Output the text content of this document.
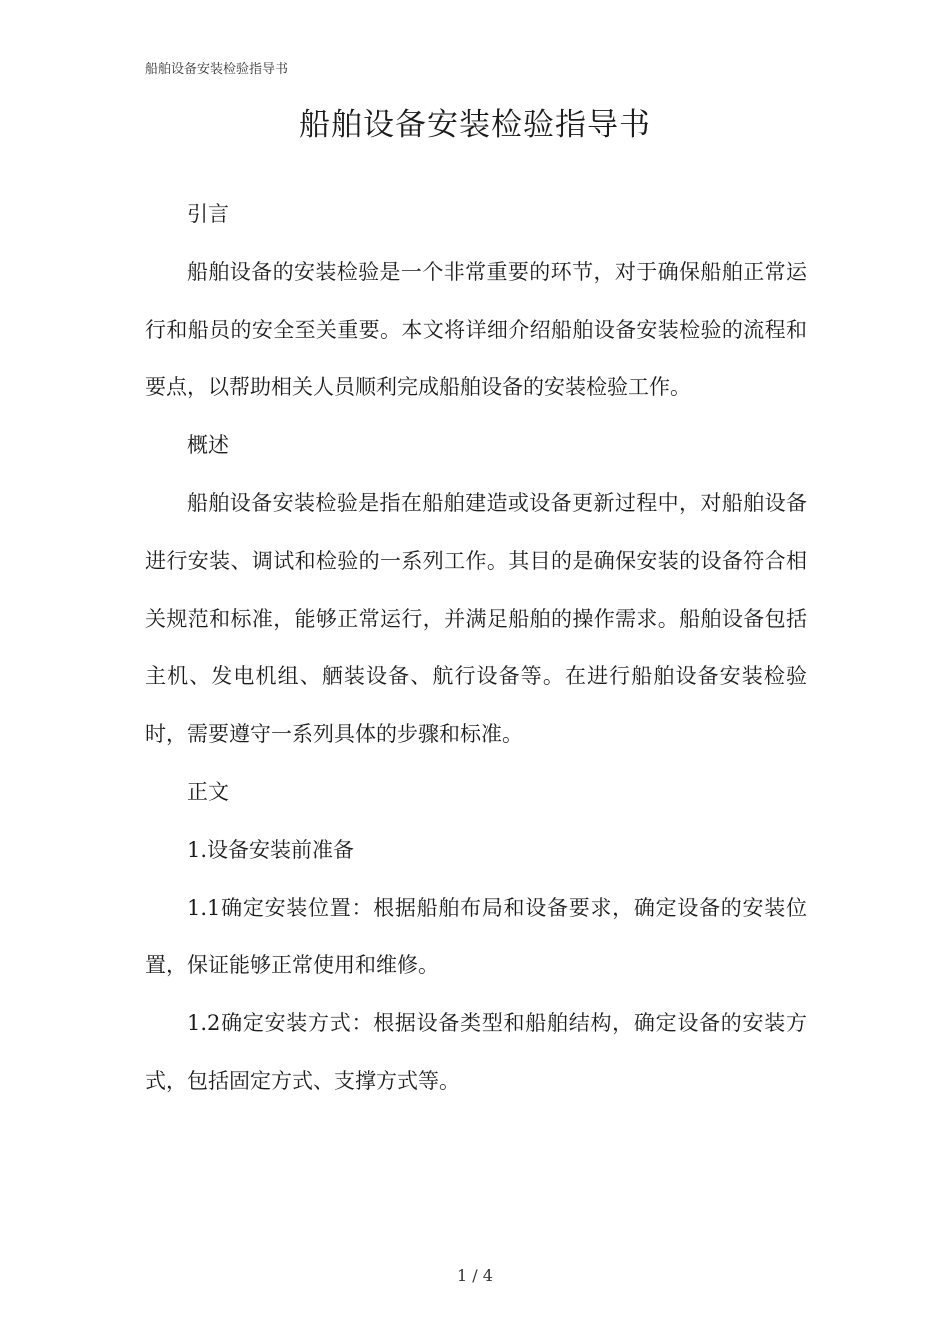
船舶设备安装检验指导书
船舶设备安装检验指导书

引言

船舶设备的安装检验是一个非常重要的环节，对于确保船舶正常运行和船员的安全至关重要。本文将详细介绍船舶设备安装检验的流程和要点，以帮助相关人员顺利完成船舶设备的安装检验工作。

概述

船舶设备安装检验是指在船舶建造或设备更新过程中，对船舶设备进行安装、调试和检验的一系列工作。其目的是确保安装的设备符合相关规范和标准，能够正常运行，并满足船舶的操作需求。船舶设备包括主机、发电机组、舾装设备、航行设备等。在进行船舶设备安装检验时，需要遵守一系列具体的步骤和标准。

正文

1.设备安装前准备

1.1确定安装位置：根据船舶布局和设备要求，确定设备的安装位置，保证能够正常使用和维修。

1.2确定安装方式：根据设备类型和船舶结构，确定设备的安装方式，包括固定方式、支撑方式等。

1 / 4
